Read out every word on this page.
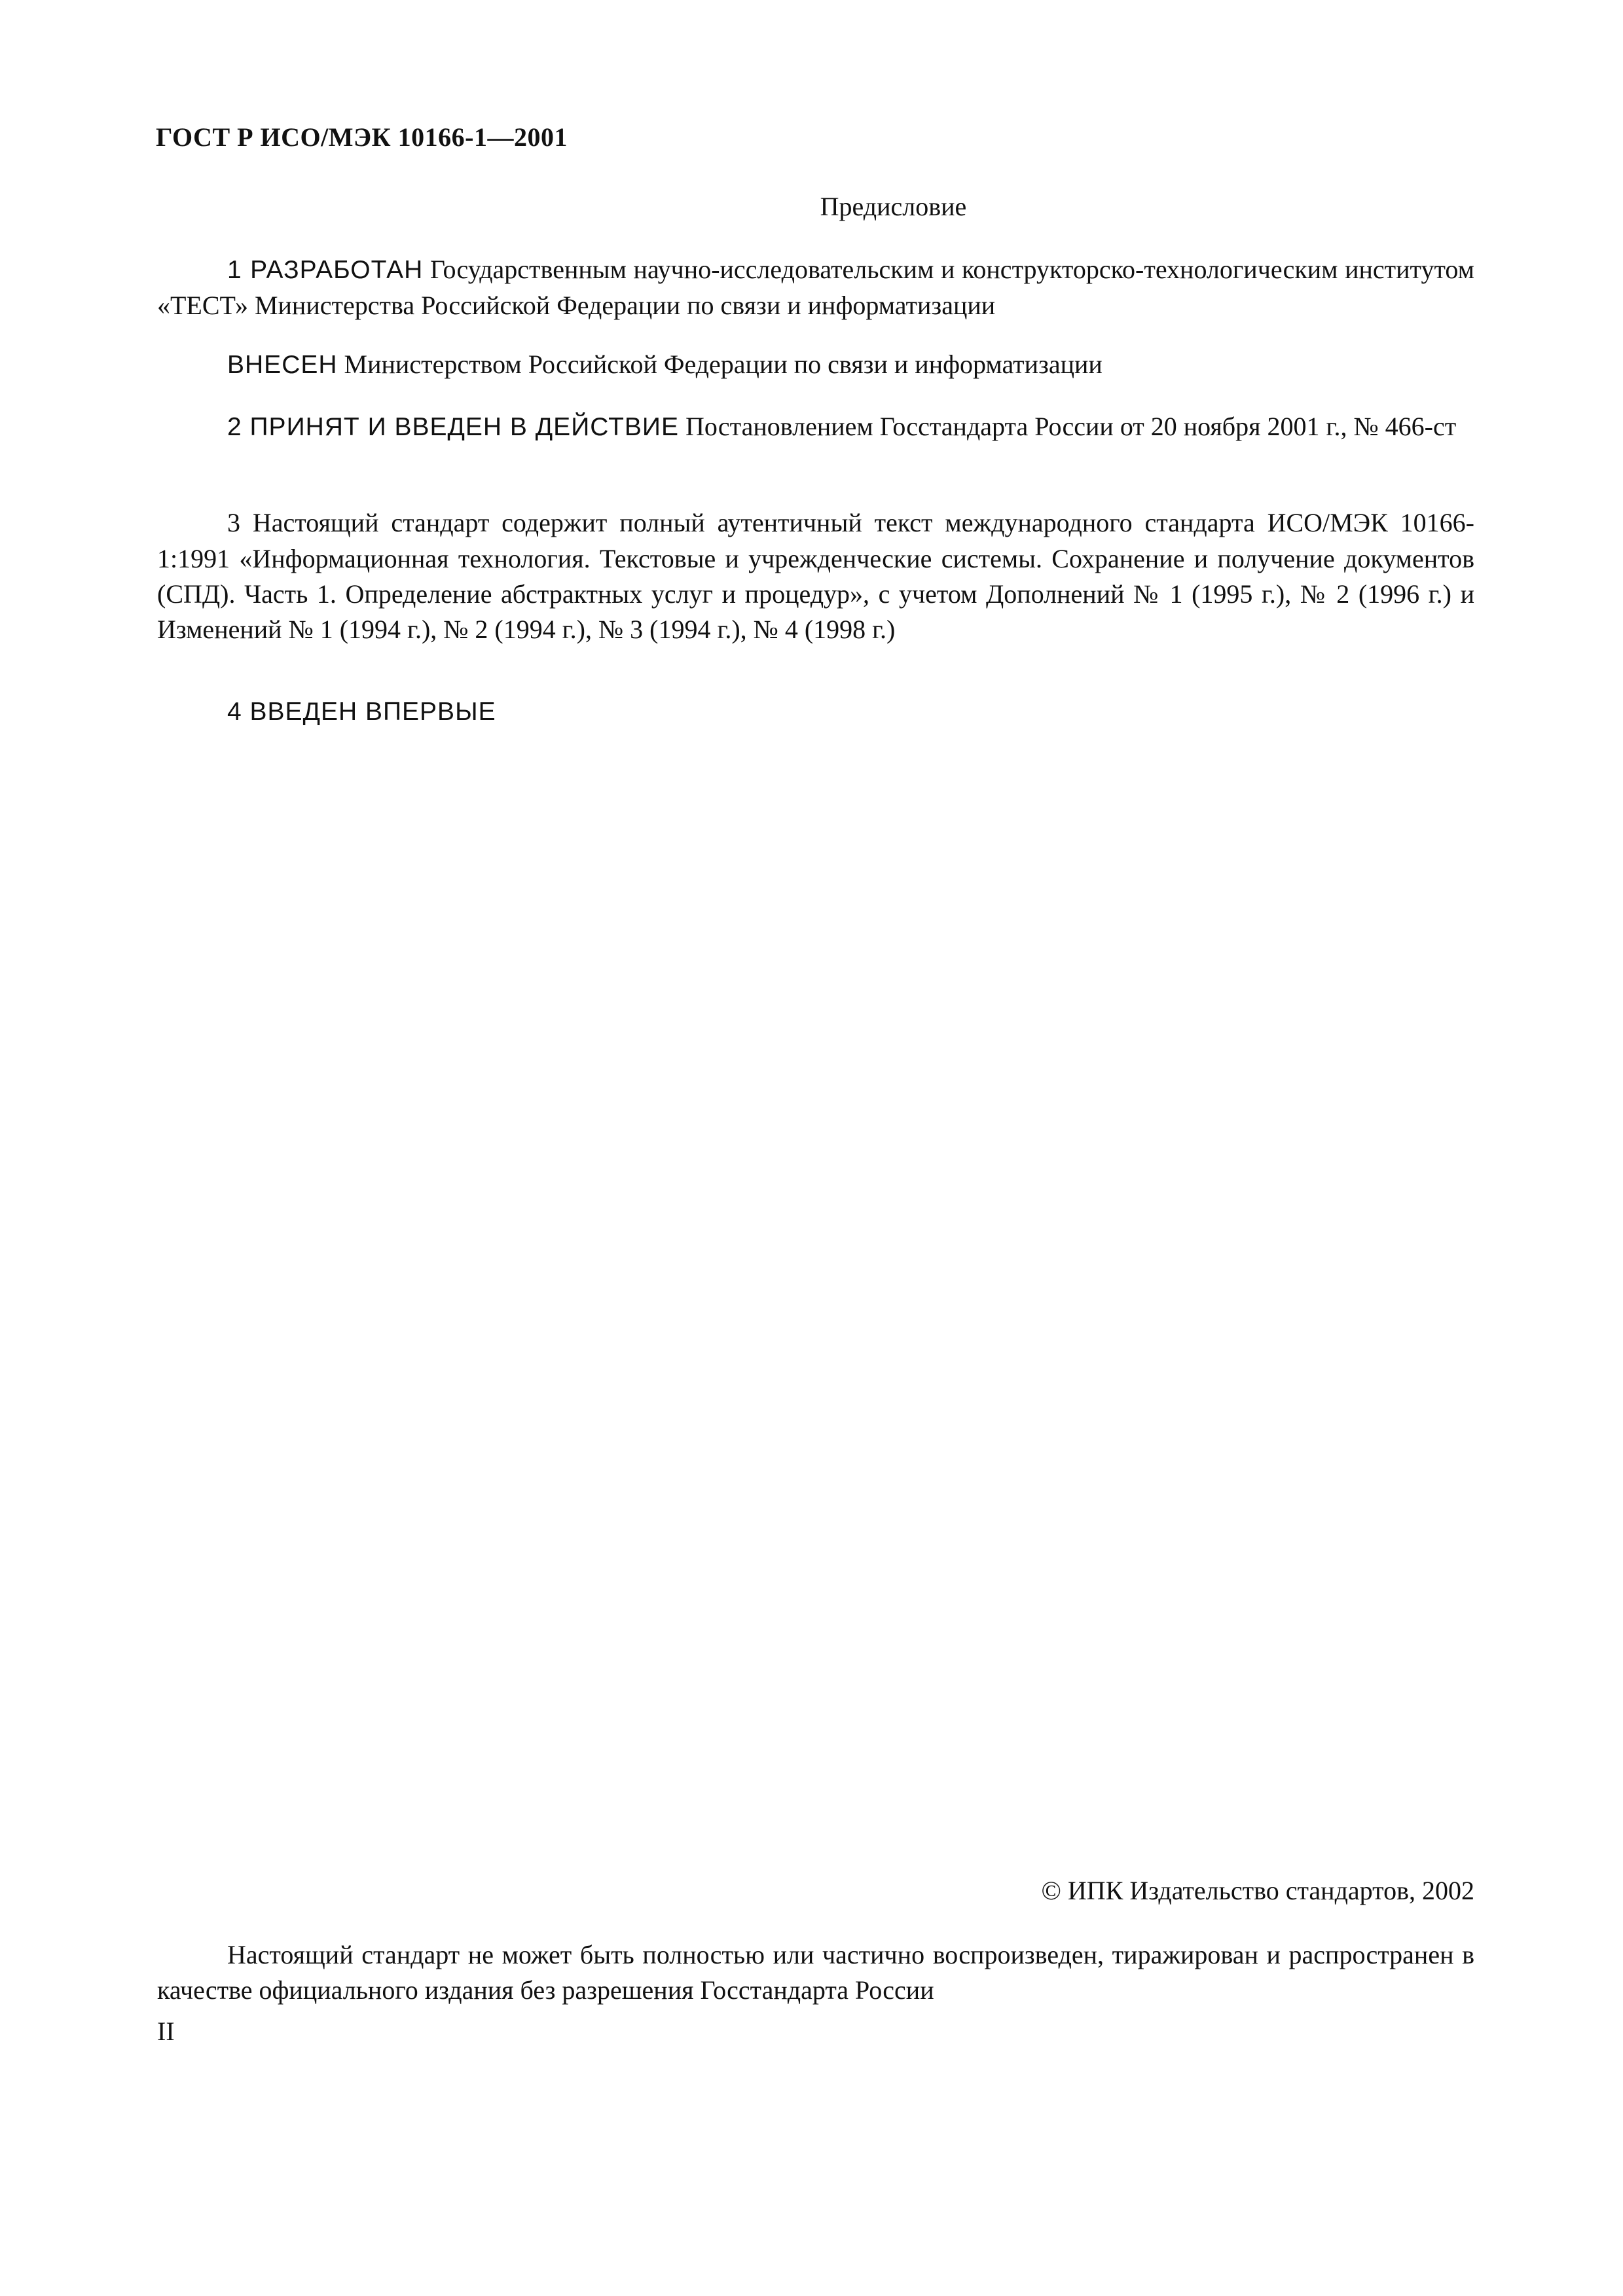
ГОСТ Р ИСО/МЭК 10166-1—2001
Предисловие
1 РАЗРАБОТАН Государственным научно-исследовательским и конструкторско-технологическим институтом «ТЕСТ» Министерства Российской Федерации по связи и информатизации
ВНЕСЕН Министерством Российской Федерации по связи и информатизации
2 ПРИНЯТ И ВВЕДЕН В ДЕЙСТВИЕ Постановлением Госстандарта России от 20 ноября 2001 г., № 466-ст
3 Настоящий стандарт содержит полный аутентичный текст международного стандарта ИСО/МЭК 10166-1:1991 «Информационная технология. Текстовые и учрежденческие системы. Сохранение и получение документов (СПД). Часть 1. Определение абстрактных услуг и процедур», с учетом Дополнений № 1 (1995 г.), № 2 (1996 г.) и Изменений № 1 (1994 г.), № 2 (1994 г.), № 3 (1994 г.), № 4 (1998 г.)
4 ВВЕДЕН ВПЕРВЫЕ
© ИПК Издательство стандартов, 2002
Настоящий стандарт не может быть полностью или частично воспроизведен, тиражирован и распространен в качестве официального издания без разрешения Госстандарта России
II
